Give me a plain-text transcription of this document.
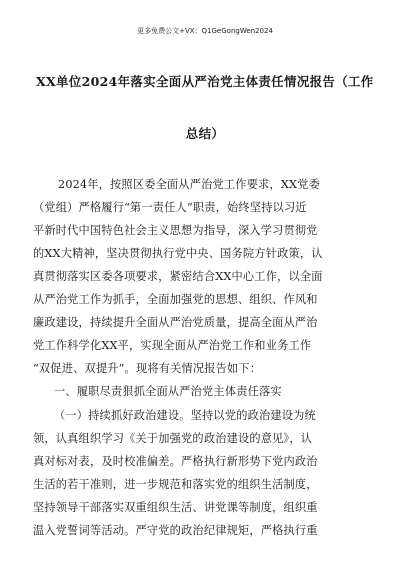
更多免费公文+VX：Q1GeGongWen2024
XX单位2024年落实全面从严治党主体责任情况报告（工作
总结）
2024年，按照区委全面从严治党工作要求，XX党委
（党组）严格履行“第一责任人”职责，始终坚持以习近
平新时代中国特色社会主义思想为指导，深入学习贯彻党
的XX大精神，坚决贯彻执行党中央、国务院方针政策，认
真贯彻落实区委各项要求，紧密结合XX中心工作，以全面
从严治党工作为抓手，全面加强党的思想、组织、作风和
廉政建设，持续提升全面从严治党质量，提高全面从严治
党工作科学化XX平，实现全面从严治党工作和业务工作
“双促进、双提升”。现将有关情况报告如下：
一、履职尽责狠抓全面从严治党主体责任落实
（一）持续抓好政治建设。坚持以党的政治建设为统
领，认真组织学习《关于加强党的政治建设的意见》，认
真对标对表，及时校准偏差。严格执行新形势下党内政治
生活的若干准则，进一步规范和落实党的组织生活制度，
坚持领导干部落实双重组织生活、讲党课等制度，组织重
温入党誓词等活动。严守党的政治纪律规矩，严格执行重
